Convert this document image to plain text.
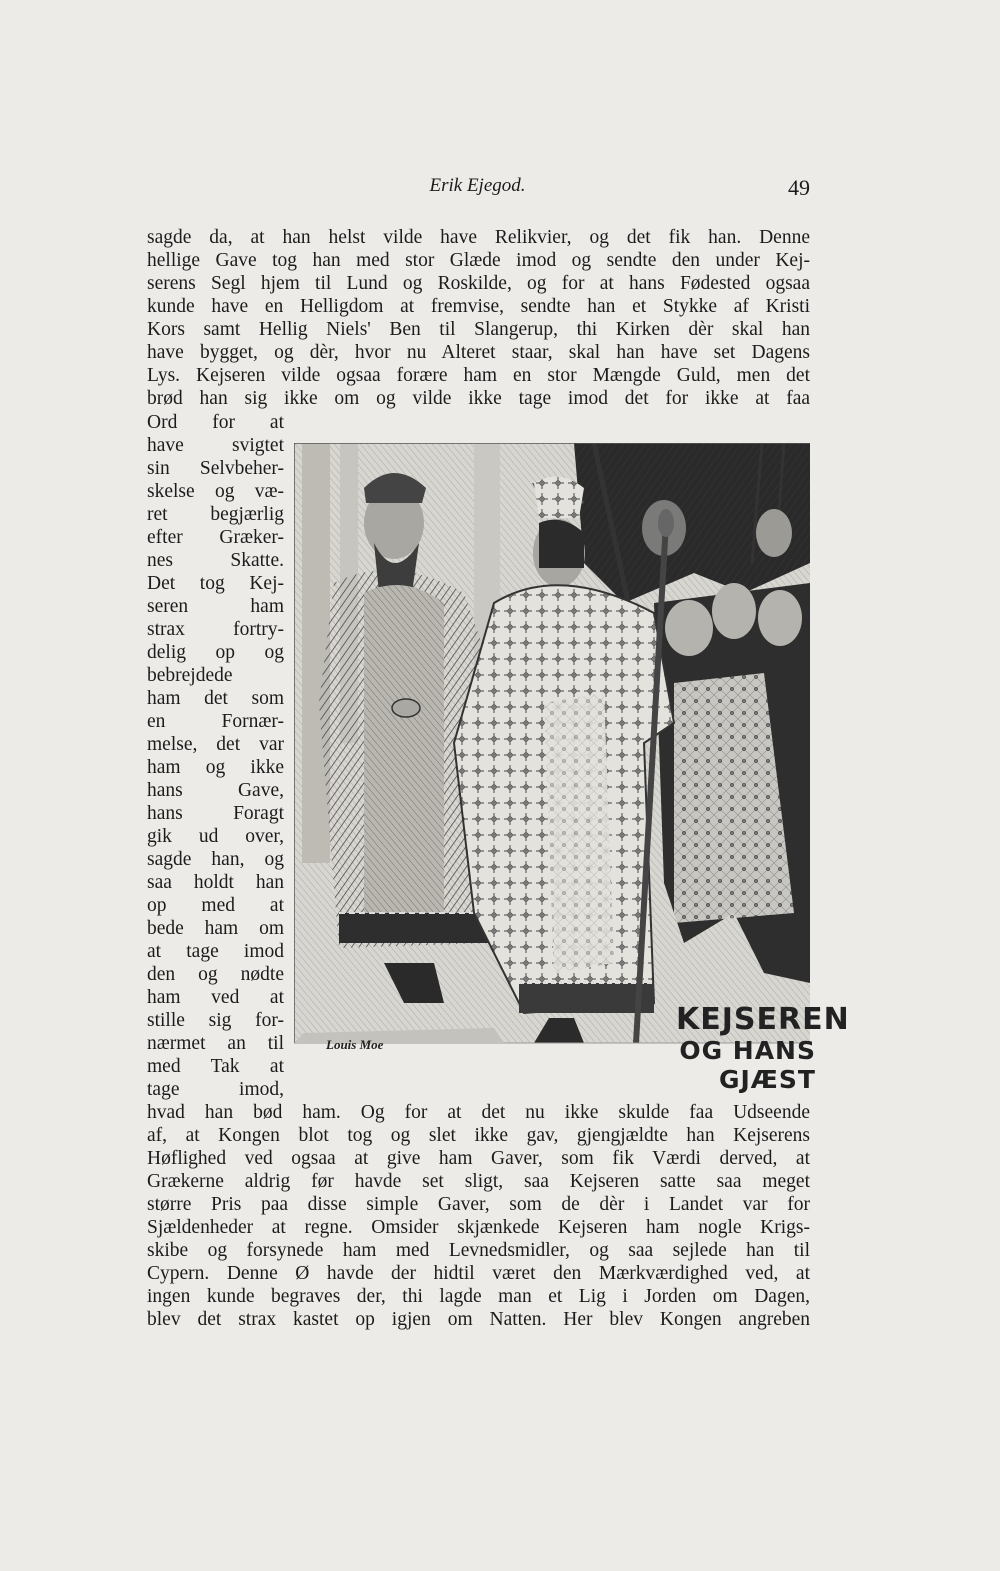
Erik Ejegod.	49
sagde da, at han helst vilde have Relikvier, og det fik han. Denne
hellige Gave tog han med stor Glæde imod og sendte den under Kej-
serens Segl hjem til Lund og Roskilde, og for at hans Fødested ogsaa
kunde have en Helligdom at fremvise, sendte han et Stykke af Kristi
Kors samt Hellig Niels' Ben til Slangerup, thi Kirken dèr skal han
have bygget, og dèr, hvor nu Alteret staar, skal han have set Dagens
Lys. Kejseren vilde ogsaa forære ham en stor Mængde Guld, men det
brød han sig ikke om og vilde ikke tage imod det for ikke at faa
Ord for at
have svigtet
sin Selvbeher-
skelse og væ-
ret begjærlig
efter Græker-
nes Skatte.
Det tog Kej-
seren ham
strax fortry-
delig op og
bebrejdede
ham det som
en Fornær-
melse, det var
ham og ikke
hans Gave,
hans Foragt
gik ud over,
sagde han, og
saa holdt han
op med at
bede ham om
at tage imod
den og nødte
ham ved at
stille sig for-
nærmet an til
med Tak at
tage imod,
hvad han bød ham. Og for at det nu ikke skulde faa Udseende
af, at Kongen blot tog og slet ikke gav, gjengjældte han Kejserens
Høflighed ved ogsaa at give ham Gaver, som fik Værdi derved, at
Grækerne aldrig før havde set sligt, saa Kejseren satte saa meget
større Pris paa disse simple Gaver, som de dèr i Landet var for
Sjældenheder at regne. Omsider skjænkede Kejseren ham nogle Krigs-
skibe og forsynede ham med Levnedsmidler, og saa sejlede han til
Cypern. Denne Ø havde der hidtil været den Mærkværdighed ved, at
ingen kunde begraves der, thi lagde man et Lig i Jorden om Dagen,
blev det strax kastet op igjen om Natten. Her blev Kongen angreben
Louis Moe
KEJSEREN
OG HANS GJÆST
